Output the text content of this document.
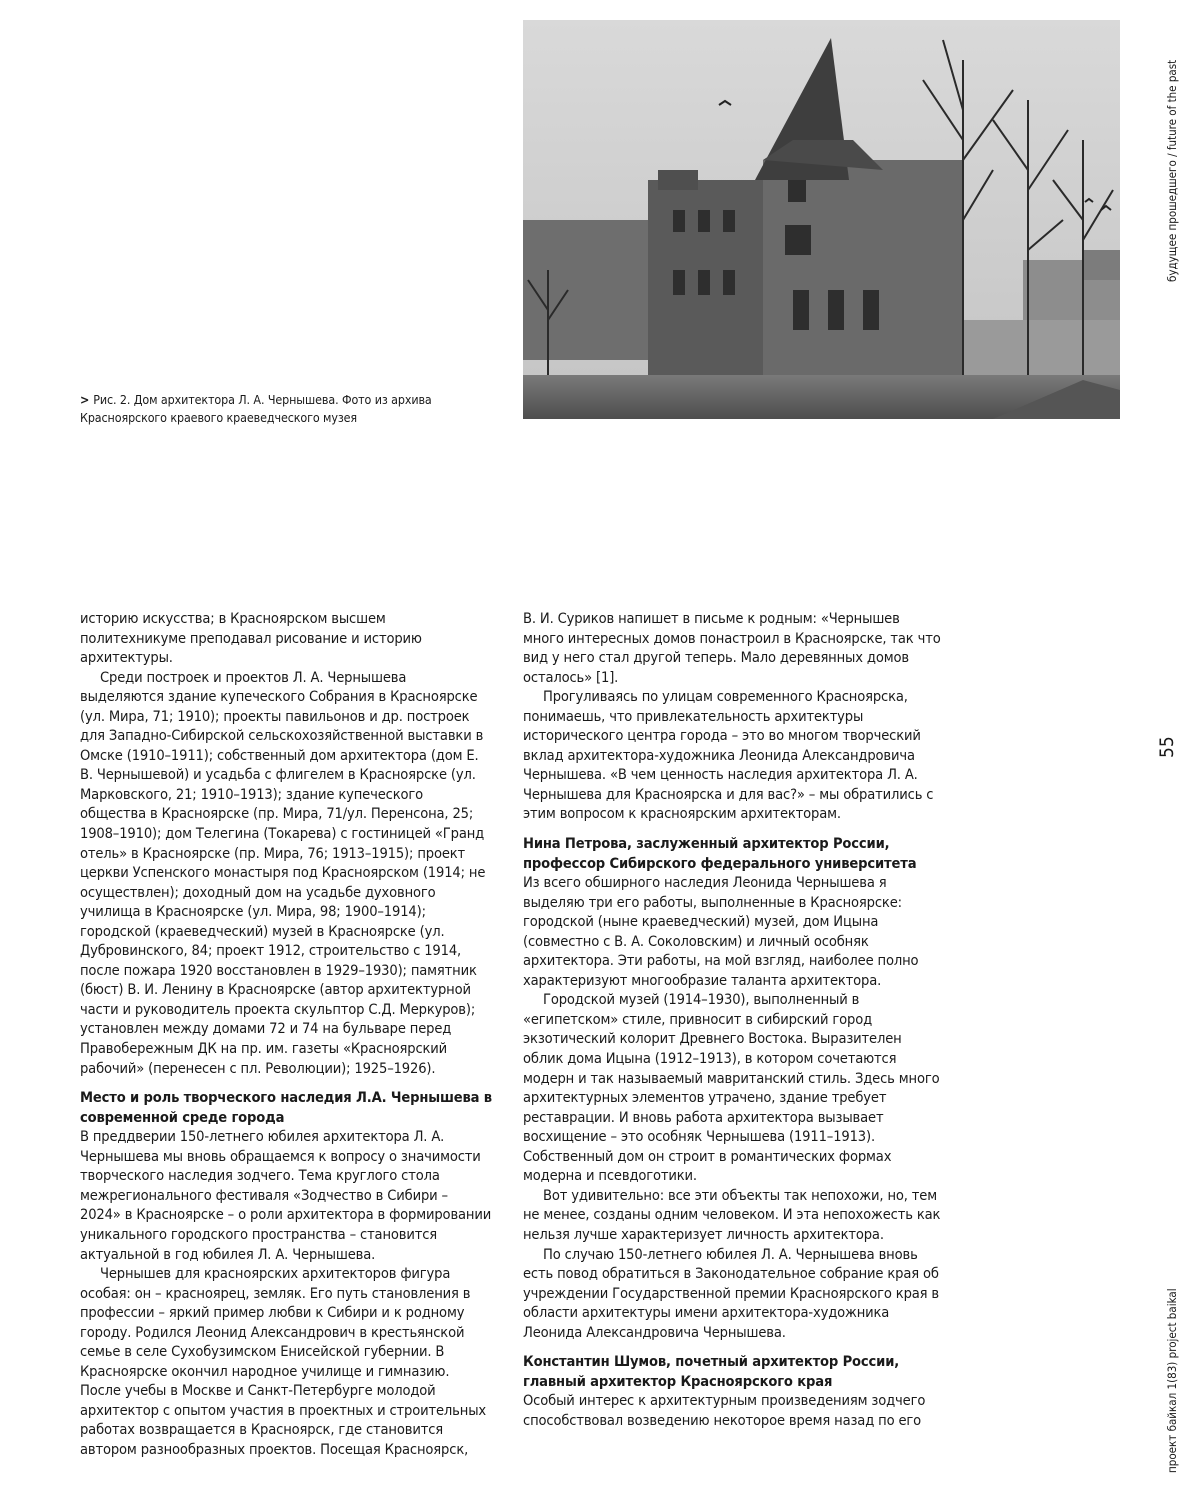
> Рис. 2. Дом архитектора Л. А. Чернышева. Фото из архива Красноярского краевого краеведческого музея
будущее прошедшего / future of the past
55
проект байкал 1(83) project baikal

историю искусства; в Красноярском высшем политехникуме преподавал рисование и историю архитектуры.

Среди построек и проектов Л. А. Чернышева выделяются здание купеческого Собрания в Красноярске (ул. Мира, 71; 1910); проекты павильонов и др. построек для Западно-Сибирской сельскохозяйственной выставки в Омске (1910–1911); собственный дом архитектора (дом Е. В. Чернышевой) и усадьба с флигелем в Красноярске (ул. Марковского, 21; 1910–1913); здание купеческого общества в Красноярске (пр. Мира, 71/ул. Перенсона, 25; 1908–1910); дом Телегина (Токарева) с гостиницей «Гранд отель» в Красноярске (пр. Мира, 76; 1913–1915); проект церкви Успенского монастыря под Красноярском (1914; не осуществлен); доходный дом на усадьбе духовного училища в Красноярске (ул. Мира, 98; 1900–1914); городской (краеведческий) музей в Красноярске (ул. Дубровинского, 84; проект 1912, строительство с 1914, после пожара 1920 восстановлен в 1929–1930); памятник (бюст) В. И. Ленину в Красноярске (автор архитектурной части и руководитель проекта скульптор С.Д. Меркуров); установлен между домами 72 и 74 на бульваре перед Правобережным ДК на пр. им. газеты «Красноярский рабочий» (перенесен с пл. Революции); 1925–1926).

Место и роль творческого наследия Л.А. Чернышева в современной среде города

В преддверии 150-летнего юбилея архитектора Л. А. Чернышева мы вновь обращаемся к вопросу о значимости творческого наследия зодчего. Тема круглого стола межрегионального фестиваля «Зодчество в Сибири – 2024» в Красноярске – о роли архитектора в формировании уникального городского пространства – становится актуальной в год юбилея Л. А. Чернышева.

Чернышев для красноярских архитекторов фигура особая: он – красноярец, земляк. Его путь становления в профессии – яркий пример любви к Сибири и к родному городу. Родился Леонид Александрович в крестьянской семье в селе Сухобузимском Енисейской губернии. В Красноярске окончил народное училище и гимназию. После учебы в Москве и Санкт-Петербурге молодой архитектор с опытом участия в проектных и строительных работах возвращается в Красноярск, где становится автором разнообразных проектов. Посещая Красноярск,

В. И. Суриков напишет в письме к родным: «Чернышев много интересных домов понастроил в Красноярске, так что вид у него стал другой теперь. Мало деревянных домов осталось» [1].

Прогуливаясь по улицам современного Красноярска, понимаешь, что привлекательность архитектуры исторического центра города – это во многом творческий вклад архитектора-художника Леонида Александровича Чернышева. «В чем ценность наследия архитектора Л. А. Чернышева для Красноярска и для вас?» – мы обратились с этим вопросом к красноярским архитекторам.

Нина Петрова, заслуженный архитектор России, профессор Сибирского федерального университета

Из всего обширного наследия Леонида Чернышева я выделяю три его работы, выполненные в Красноярске: городской (ныне краеведческий) музей, дом Ицына (совместно с В. А. Соколовским) и личный особняк архитектора. Эти работы, на мой взгляд, наиболее полно характеризуют многообразие таланта архитектора.

Городской музей (1914–1930), выполненный в «египетском» стиле, привносит в сибирский город экзотический колорит Древнего Востока. Выразителен облик дома Ицына (1912–1913), в котором сочетаются модерн и так называемый мавританский стиль. Здесь много архитектурных элементов утрачено, здание требует реставрации. И вновь работа архитектора вызывает восхищение – это особняк Чернышева (1911–1913). Собственный дом он строит в романтических формах модерна и псевдоготики.

Вот удивительно: все эти объекты так непохожи, но, тем не менее, созданы одним человеком. И эта непохожесть как нельзя лучше характеризует личность архитектора.

По случаю 150-летнего юбилея Л. А. Чернышева вновь есть повод обратиться в Законодательное собрание края об учреждении Государственной премии Красноярского края в области архитектуры имени архитектора-художника Леонида Александровича Чернышева.

Константин Шумов, почетный архитектор России, главный архитектор Красноярского края

Особый интерес к архитектурным произведениям зодчего способствовал возведению некоторое время назад по его
